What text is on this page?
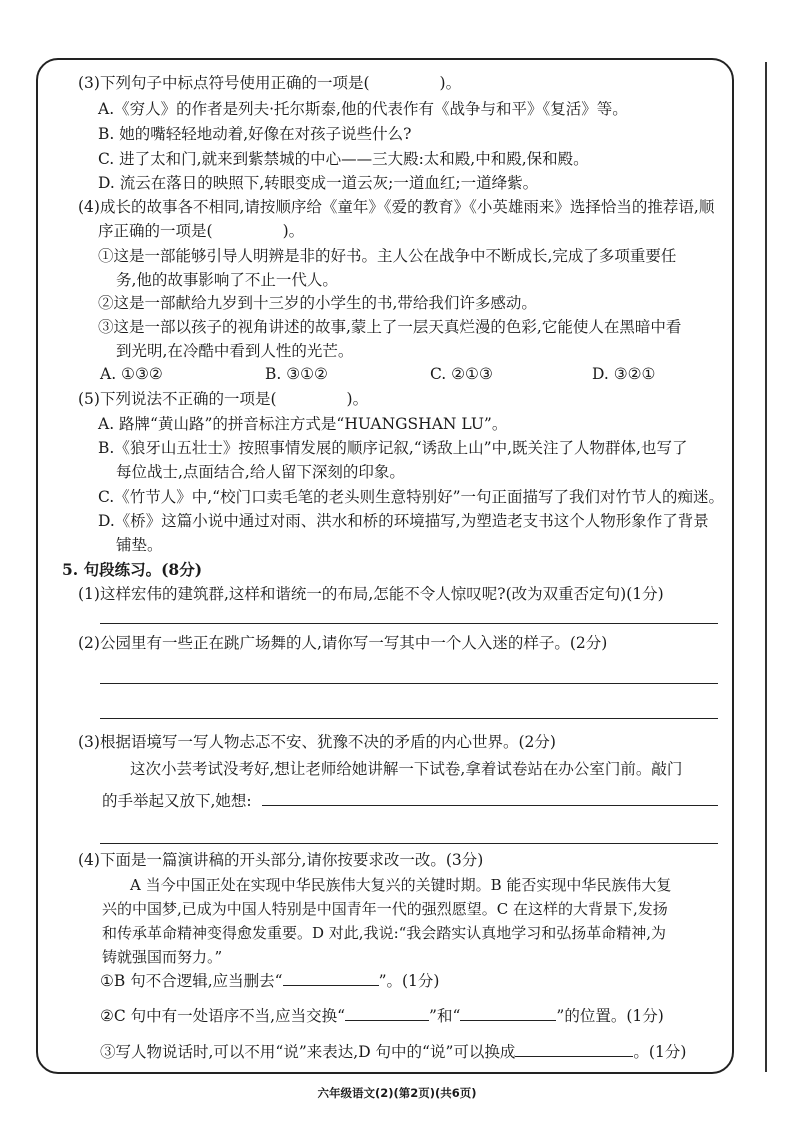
(3)下列句子中标点符号使用正确的一项是(	)。
A.《穷人》的作者是列夫·托尔斯泰,他的代表作有《战争与和平》《复活》等。
B. 她的嘴轻轻地动着,好像在对孩子说些什么?
C. 进了太和门,就来到紫禁城的中心——三大殿:太和殿,中和殿,保和殿。
D. 流云在落日的映照下,转眼变成一道云灰;一道血红;一道绛紫。
(4)成长的故事各不相同,请按顺序给《童年》《爱的教育》《小英雄雨来》选择恰当的推荐语,顺
序正确的一项是(	)。
①这是一部能够引导人明辨是非的好书。主人公在战争中不断成长,完成了多项重要任
务,他的故事影响了不止一代人。
②这是一部献给九岁到十三岁的小学生的书,带给我们许多感动。
③这是一部以孩子的视角讲述的故事,蒙上了一层天真烂漫的色彩,它能使人在黑暗中看
到光明,在冷酷中看到人性的光芒。
A. ①③②	B. ③①②	C. ②①③	D. ③②①
(5)下列说法不正确的一项是(	)。
A. 路牌“黄山路”的拼音标注方式是“HUANGSHAN LU”。
B.《狼牙山五壮士》按照事情发展的顺序记叙,“诱敌上山”中,既关注了人物群体,也写了
每位战士,点面结合,给人留下深刻的印象。
C.《竹节人》中,“校门口卖毛笔的老头则生意特别好”一句正面描写了我们对竹节人的痴迷。
D.《桥》这篇小说中通过对雨、洪水和桥的环境描写,为塑造老支书这个人物形象作了背景
铺垫。
5. 句段练习。(8分)
(1)这样宏伟的建筑群,这样和谐统一的布局,怎能不令人惊叹呢?(改为双重否定句)(1分)
(2)公园里有一些正在跳广场舞的人,请你写一写其中一个人入迷的样子。(2分)
(3)根据语境写一写人物忐忑不安、犹豫不决的矛盾的内心世界。(2分)
这次小芸考试没考好,想让老师给她讲解一下试卷,拿着试卷站在办公室门前。敲门
的手举起又放下,她想:
(4)下面是一篇演讲稿的开头部分,请你按要求改一改。(3分)
A 当今中国正处在实现中华民族伟大复兴的关键时期。B 能否实现中华民族伟大复
兴的中国梦,已成为中国人特别是中国青年一代的强烈愿望。C 在这样的大背景下,发扬
和传承革命精神变得愈发重要。D 对此,我说:“我会踏实认真地学习和弘扬革命精神,为
铸就强国而努力。”
①B 句不合逻辑,应当删去“	”。(1分)
②C 句中有一处语序不当,应当交换“	”和“	”的位置。(1分)
③写人物说话时,可以不用“说”来表达,D 句中的“说”可以换成	。(1分)
六年级语文(2)(第2页)(共6页)
